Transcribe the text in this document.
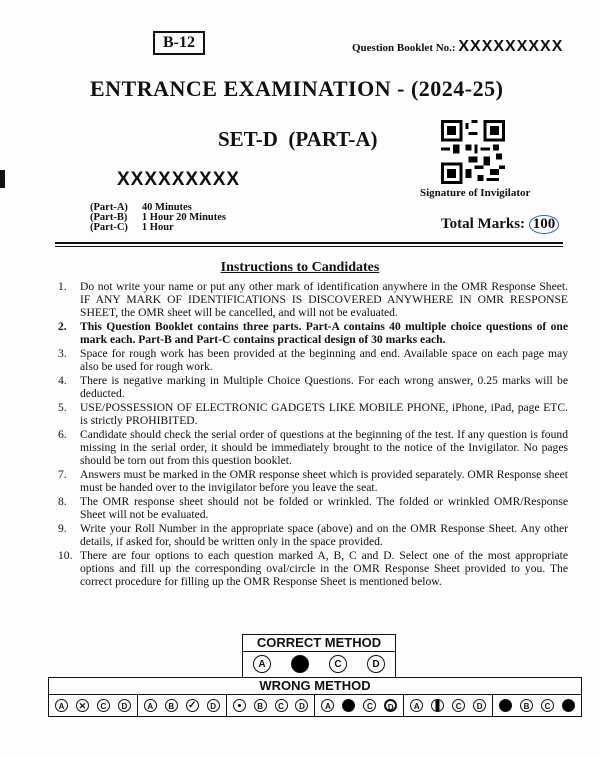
B-12	Question Booklet No.: XXXXXXXXX
ENTRANCE EXAMINATION - (2024-25)
SET-D  (PART-A)
Signature of Invigilator
XXXXXXXXX
(Part-A)	40 Minutes
(Part-B)	1 Hour 20 Minutes
(Part-C)	1 Hour	Total Marks: 100
Instructions to Candidates
1. Do not write your name or put any other mark of identification anywhere in the OMR Response Sheet. IF ANY MARK OF IDENTIFICATIONS IS DISCOVERED ANYWHERE IN OMR RESPONSE SHEET, the OMR sheet will be cancelled, and will not be evaluated.
2. This Question Booklet contains three parts. Part-A contains 40 multiple choice questions of one mark each. Part-B and Part-C contains practical design of 30 marks each.
3. Space for rough work has been provided at the beginning and end. Available space on each page may also be used for rough work.
4. There is negative marking in Multiple Choice Questions. For each wrong answer, 0.25 marks will be deducted.
5. USE/POSSESSION OF ELECTRONIC GADGETS LIKE MOBILE PHONE, iPhone, iPad, page ETC. is strictly PROHIBITED.
6. Candidate should check the serial order of questions at the beginning of the test. If any question is found missing in the serial order, it should be immediately brought to the notice of the Invigilator. No pages should be torn out from this question booklet.
7. Answers must be marked in the OMR response sheet which is provided separately. OMR Response sheet must be handed over to the invigilator before you leave the seat.
8. The OMR response sheet should not be folded or wrinkled. The folded or wrinkled OMR/Response Sheet will not be evaluated.
9. Write your Roll Number in the appropriate space (above) and on the OMR Response Sheet. Any other details, if asked for, should be written only in the space provided.
10. There are four options to each question marked A, B, C and D. Select one of the most appropriate options and fill up the corresponding oval/circle in the OMR Response Sheet provided to you. The correct procedure for filling up the OMR Response Sheet is mentioned below.
CORRECT METHOD
A	C	D
WRONG METHOD
A ✕	C	D	A	B ✓	D	B	C	D	A	C	D	A	C	D	B	C
